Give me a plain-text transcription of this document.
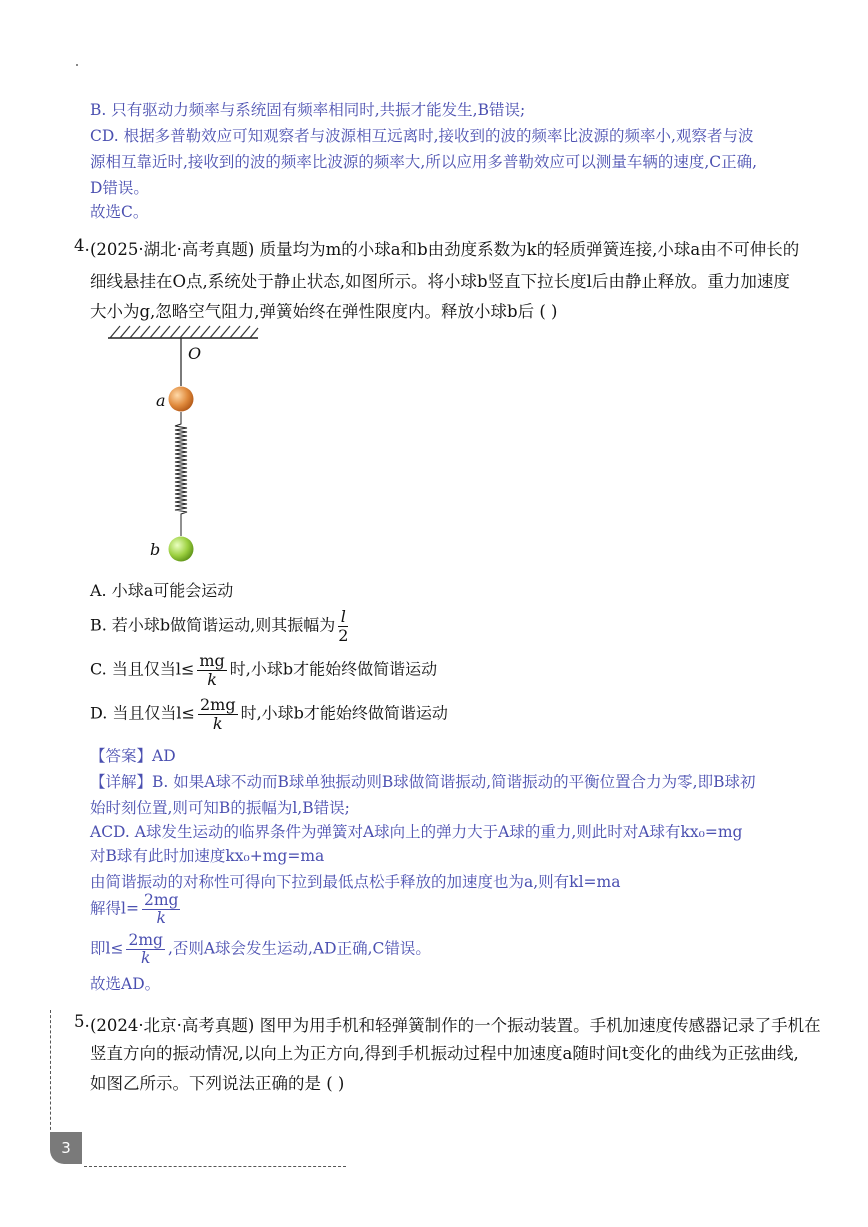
B. 只有驱动力频率与系统固有频率相同时,共振才能发生,B错误;
CD. 根据多普勒效应可知观察者与波源相互远离时,接收到的波的频率比波源的频率小,观察者与波
源相互靠近时,接收到的波的频率比波源的频率大,所以应用多普勒效应可以测量车辆的速度,C正确,
D错误。
故选C。
4. (2025·湖北·高考真题) 质量均为m的小球a和b由劲度系数为k的轻质弹簧连接,小球a由不可伸长的
细线悬挂在O点,系统处于静止状态,如图所示。将小球b竖直下拉长度l后由静止释放。重力加速度
大小为g,忽略空气阻力,弹簧始终在弹性限度内。释放小球b后 ( )
O
a
b
A. 小球a可能会运动
B. 若小球b做简谐运动,则其振幅为 $\frac{l}{2}$
C. 当且仅当$l\le \frac{mg}{k}$ 时,小球b才能始终做简谐运动
D. 当且仅当$l\le \frac{2mg}{k}$ 时,小球b才能始终做简谐运动
【答案】AD
【详解】B. 如果A球不动而B球单独振动则B球做简谐振动,简谐振动的平衡位置合力为零,即B球初
始时刻位置,则可知B的振幅为l,B错误;
ACD. A球发生运动的临界条件为弹簧对A球向上的弹力大于A球的重力,则此时对A球有kx₀=mg
对B球有此时加速度kx₀+mg=ma
由简谐振动的对称性可得向下拉到最低点松手释放的加速度也为a,则有kl=ma
解得$l= \frac{2mg}{k}$
即$l\le \frac{2mg}{k}$ ,否则A球会发生运动,AD正确,C错误。
故选AD。
5. (2024·北京·高考真题) 图甲为用手机和轻弹簧制作的一个振动装置。手机加速度传感器记录了手机在
竖直方向的振动情况,以向上为正方向,得到手机振动过程中加速度a随时间t变化的曲线为正弦曲线,
如图乙所示。下列说法正确的是 ( )
3
